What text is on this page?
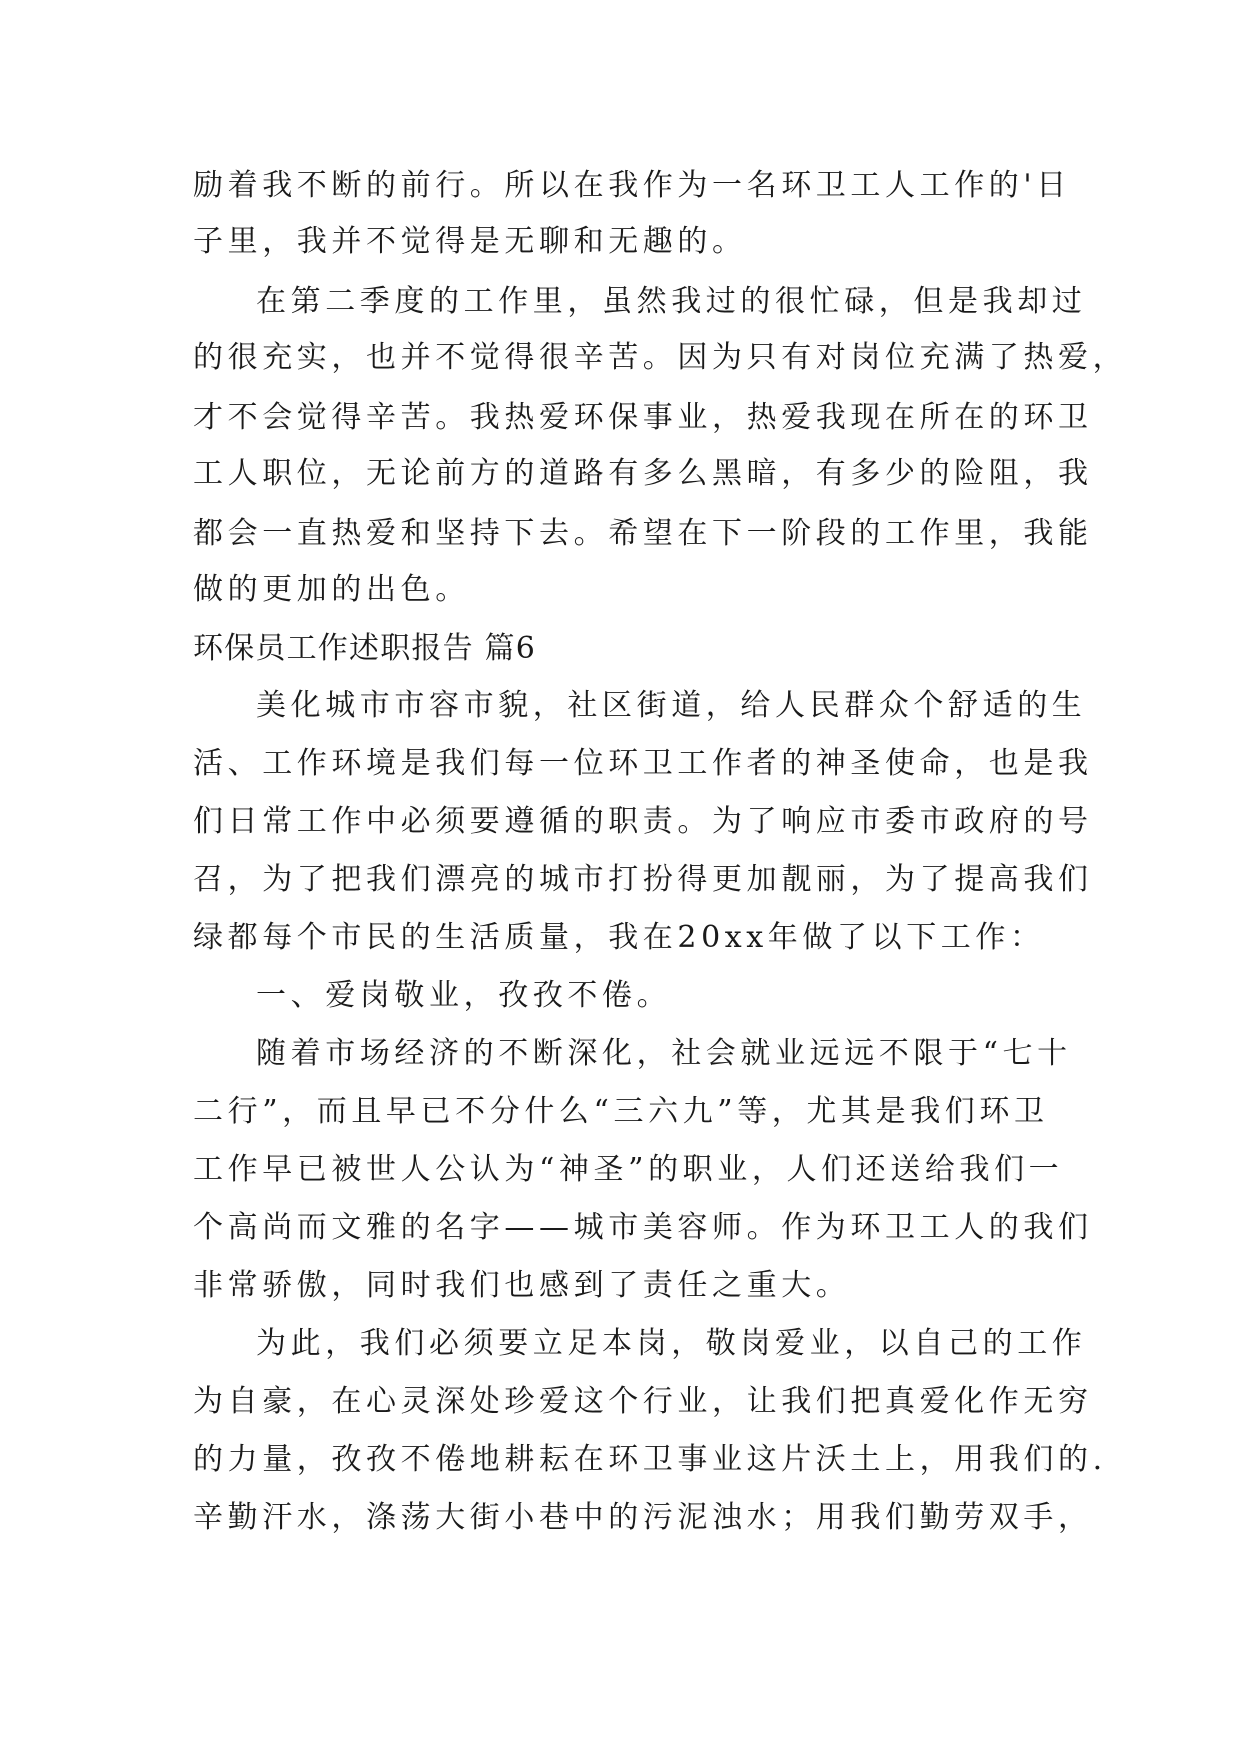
励着我不断的前行。所以在我作为一名环卫工人工作的'日
子里，我并不觉得是无聊和无趣的。
在第二季度的工作里，虽然我过的很忙碌，但是我却过
的很充实，也并不觉得很辛苦。因为只有对岗位充满了热爱，
才不会觉得辛苦。我热爱环保事业，热爱我现在所在的环卫
工人职位，无论前方的道路有多么黑暗，有多少的险阻，我
都会一直热爱和坚持下去。希望在下一阶段的工作里，我能
做的更加的出色。
环保员工作述职报告 篇6
美化城市市容市貌，社区街道，给人民群众个舒适的生
活、工作环境是我们每一位环卫工作者的神圣使命，也是我
们日常工作中必须要遵循的职责。为了响应市委市政府的号
召，为了把我们漂亮的城市打扮得更加靓丽，为了提高我们
绿都每个市民的生活质量，我在20xx年做了以下工作：
一、爱岗敬业，孜孜不倦。
随着市场经济的不断深化，社会就业远远不限于“七十
二行”，而且早已不分什么“三六九”等，尤其是我们环卫
工作早已被世人公认为“神圣”的职业，人们还送给我们一
个高尚而文雅的名字——城市美容师。作为环卫工人的我们
非常骄傲，同时我们也感到了责任之重大。
为此，我们必须要立足本岗，敬岗爱业，以自己的工作
为自豪，在心灵深处珍爱这个行业，让我们把真爱化作无穷
的力量，孜孜不倦地耕耘在环卫事业这片沃土上，用我们的.
辛勤汗水，涤荡大街小巷中的污泥浊水；用我们勤劳双手，
